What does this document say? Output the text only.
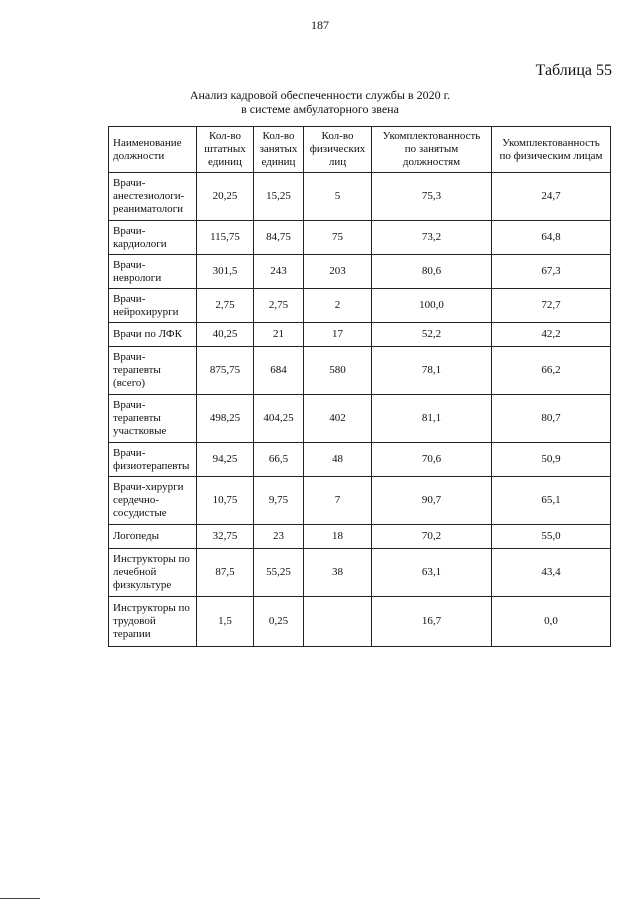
187
Таблица 55
Анализ кадровой обеспеченности службы в 2020 г.
в системе амбулаторного звена
Наименование должности	Кол-во штатных единиц	Кол-во занятых единиц	Кол-во физических лиц	Укомплектованность по занятым должностям	Укомплектованность по физическим лицам
Врачи-анестезиологи-реаниматологи	20,25	15,25	5	75,3	24,7
Врачи-кардиологи	115,75	84,75	75	73,2	64,8
Врачи-неврологи	301,5	243	203	80,6	67,3
Врачи-нейрохирурги	2,75	2,75	2	100,0	72,7
Врачи по ЛФК	40,25	21	17	52,2	42,2
Врачи-терапевты (всего)	875,75	684	580	78,1	66,2
Врачи-терапевты участковые	498,25	404,25	402	81,1	80,7
Врачи-физиотерапевты	94,25	66,5	48	70,6	50,9
Врачи-хирурги сердечно-сосудистые	10,75	9,75	7	90,7	65,1
Логопеды	32,75	23	18	70,2	55,0
Инструкторы по лечебной физкультуре	87,5	55,25	38	63,1	43,4
Инструкторы по трудовой терапии	1,5	0,25		16,7	0,0
